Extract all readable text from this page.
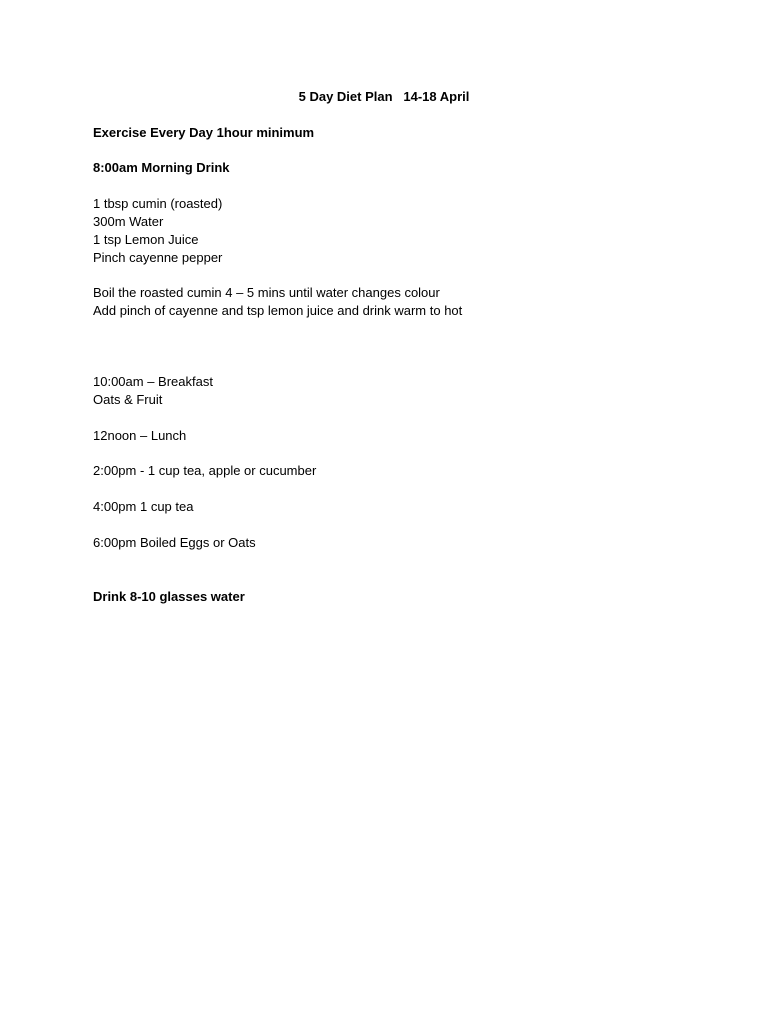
5 Day Diet Plan   14-18 April
Exercise Every Day 1hour minimum
8:00am Morning Drink
1 tbsp cumin (roasted)
300m Water
1 tsp Lemon Juice
Pinch cayenne pepper
Boil the roasted cumin 4 – 5 mins until water changes colour
Add pinch of cayenne and tsp lemon juice and drink warm to hot
10:00am – Breakfast
Oats & Fruit
12noon – Lunch
2:00pm - 1 cup tea, apple or cucumber
4:00pm 1 cup tea
6:00pm Boiled Eggs or Oats
Drink 8-10 glasses water
